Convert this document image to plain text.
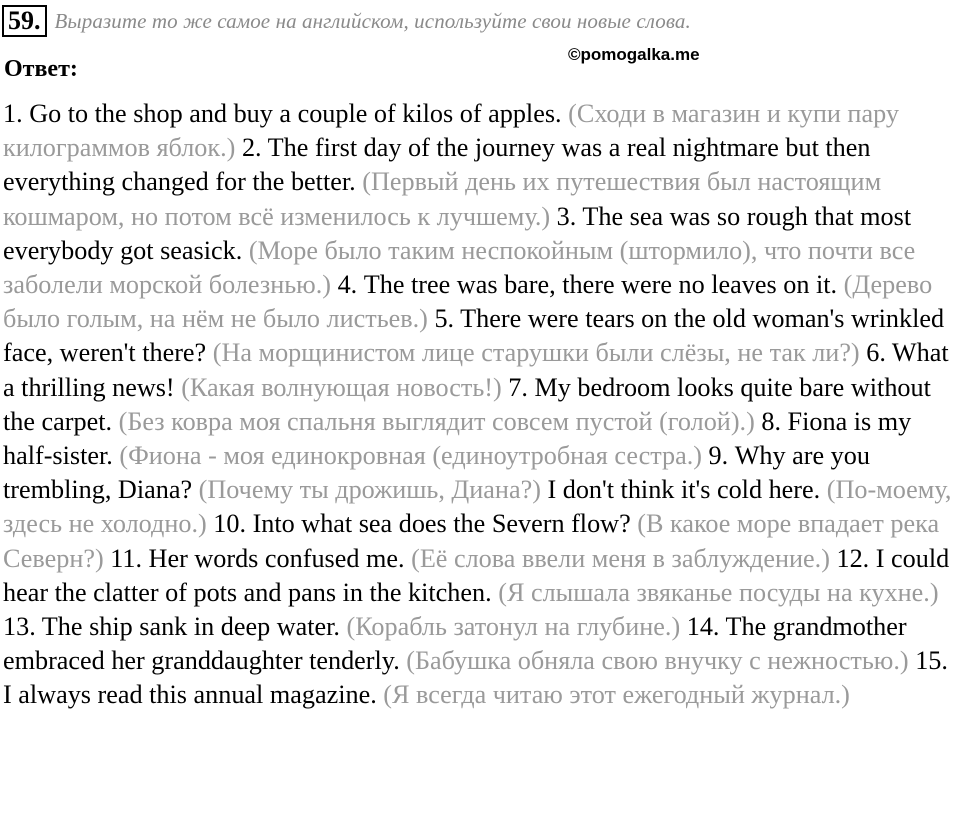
59. Выразите то же самое на английском, используйте свои новые слова.
Ответ:
©pomogalka.me
1. Go to the shop and buy a couple of kilos of apples. (Сходи в магазин и купи пару килограммов яблок.) 2. The first day of the journey was a real nightmare but then everything changed for the better. (Первый день их путешествия был настоящим кошмаром, но потом всё изменилось к лучшему.) 3. The sea was so rough that most everybody got seasick. (Море было таким неспокойным (штормило), что почти все заболели морской болезнью.) 4. The tree was bare, there were no leaves on it. (Дерево было голым, на нём не было листьев.) 5. There were tears on the old woman's wrinkled face, weren't there? (На морщинистом лице старушки были слёзы, не так ли?) 6. What a thrilling news! (Какая волнующая новость!) 7. My bedroom looks quite bare without the carpet. (Без ковра моя спальня выглядит совсем пустой (голой).) 8. Fiona is my half-sister. (Фиона - моя единокровная (единоутробная сестра.) 9. Why are you trembling, Diana? (Почему ты дрожишь, Диана?) I don't think it's cold here. (По-моему, здесь не холодно.) 10. Into what sea does the Severn flow? (В какое море впадает река Северн?) 11. Her words confused me. (Её слова ввели меня в заблуждение.) 12. I could hear the clatter of pots and pans in the kitchen. (Я слышала звяканье посуды на кухне.) 13. The ship sank in deep water. (Корабль затонул на глубине.) 14. The grandmother embraced her granddaughter tenderly. (Бабушка обняла свою внучку с нежностью.) 15. I always read this annual magazine. (Я всегда читаю этот ежегодный журнал.)
